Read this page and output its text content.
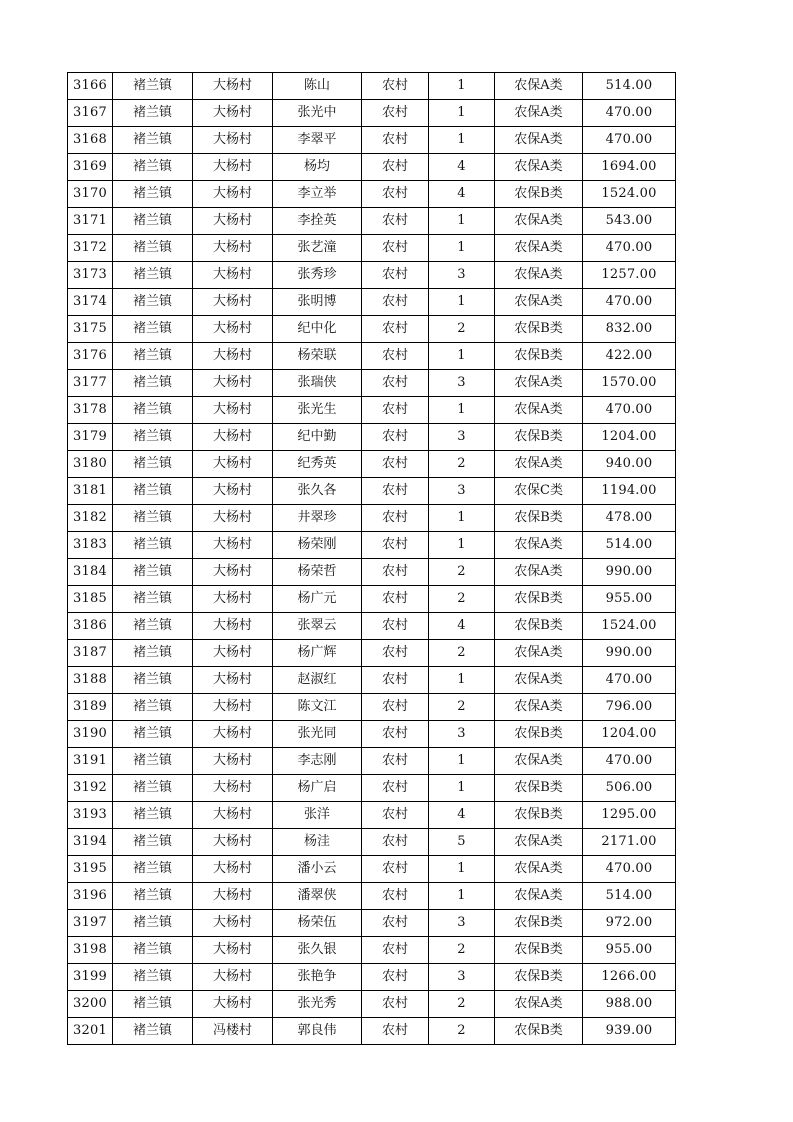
3166	褚兰镇	大杨村	陈山	农村	1	农保A类	514.00
3167	褚兰镇	大杨村	张光中	农村	1	农保A类	470.00
3168	褚兰镇	大杨村	李翠平	农村	1	农保A类	470.00
3169	褚兰镇	大杨村	杨均	农村	4	农保A类	1694.00
3170	褚兰镇	大杨村	李立举	农村	4	农保B类	1524.00
3171	褚兰镇	大杨村	李拴英	农村	1	农保A类	543.00
3172	褚兰镇	大杨村	张艺潼	农村	1	农保A类	470.00
3173	褚兰镇	大杨村	张秀珍	农村	3	农保A类	1257.00
3174	褚兰镇	大杨村	张明博	农村	1	农保A类	470.00
3175	褚兰镇	大杨村	纪中化	农村	2	农保B类	832.00
3176	褚兰镇	大杨村	杨荣联	农村	1	农保B类	422.00
3177	褚兰镇	大杨村	张瑞侠	农村	3	农保A类	1570.00
3178	褚兰镇	大杨村	张光生	农村	1	农保A类	470.00
3179	褚兰镇	大杨村	纪中勤	农村	3	农保B类	1204.00
3180	褚兰镇	大杨村	纪秀英	农村	2	农保A类	940.00
3181	褚兰镇	大杨村	张久各	农村	3	农保C类	1194.00
3182	褚兰镇	大杨村	井翠珍	农村	1	农保B类	478.00
3183	褚兰镇	大杨村	杨荣刚	农村	1	农保A类	514.00
3184	褚兰镇	大杨村	杨荣哲	农村	2	农保A类	990.00
3185	褚兰镇	大杨村	杨广元	农村	2	农保B类	955.00
3186	褚兰镇	大杨村	张翠云	农村	4	农保B类	1524.00
3187	褚兰镇	大杨村	杨广辉	农村	2	农保A类	990.00
3188	褚兰镇	大杨村	赵淑红	农村	1	农保A类	470.00
3189	褚兰镇	大杨村	陈文江	农村	2	农保A类	796.00
3190	褚兰镇	大杨村	张光同	农村	3	农保B类	1204.00
3191	褚兰镇	大杨村	李志刚	农村	1	农保A类	470.00
3192	褚兰镇	大杨村	杨广启	农村	1	农保B类	506.00
3193	褚兰镇	大杨村	张洋	农村	4	农保B类	1295.00
3194	褚兰镇	大杨村	杨洼	农村	5	农保A类	2171.00
3195	褚兰镇	大杨村	潘小云	农村	1	农保A类	470.00
3196	褚兰镇	大杨村	潘翠侠	农村	1	农保A类	514.00
3197	褚兰镇	大杨村	杨荣伍	农村	3	农保B类	972.00
3198	褚兰镇	大杨村	张久银	农村	2	农保B类	955.00
3199	褚兰镇	大杨村	张艳争	农村	3	农保B类	1266.00
3200	褚兰镇	大杨村	张光秀	农村	2	农保A类	988.00
3201	褚兰镇	冯楼村	郭良伟	农村	2	农保B类	939.00
